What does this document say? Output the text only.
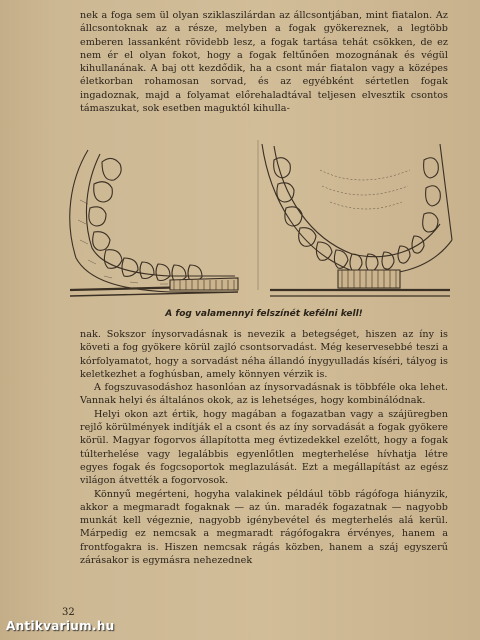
nek a foga sem ül olyan sziklaszilárdan az állcsontjában, mint fiatalon. Az állcsontoknak az a része, melyben a fogak gyökereznek, a legtöbb emberen lassanként rövidebb lesz, a fogak tartása tehát csökken, de ez nem ér el olyan fokot, hogy a fogak feltűnően mozognának és végül kihullanának. A baj ott kezdődik, ha a csont már fiatalon vagy a középes életkorban rohamosan sorvad, és az egyébként sértetlen fogak ingadoznak, majd a folyamat előrehaladtával teljesen elvesztik csontos támaszukat, sok esetben maguktól kihulla-

A fog valamennyi felszínét kefélni kell!

nak. Sokszor ínysorvadásnak is nevezik a betegséget, hiszen az íny is követi a fog gyökere körül zajló csontsorvadást. Még keservesebbé teszi a kórfolyamatot, hogy a sorvadást néha állandó ínygyulladás kíséri, tályog is keletkezhet a foghúsban, amely könnyen vérzik is.

A fogszuvasodáshoz hasonlóan az ínysorvadásnak is többféle oka lehet. Vannak helyi és általános okok, az is lehetséges, hogy kombinálódnak.

Helyi okon azt értik, hogy magában a fogazatban vagy a szájüregben rejlő körülmények indítják el a csont és az íny sorvadását a fogak gyökere körül. Magyar fogorvos állapította meg évtizedekkel ezelőtt, hogy a fogak túlterhelése vagy legalábbis egyenlőtlen megterhelése hívhatja létre egyes fogak és fogcsoportok meglazulását. Ezt a megállapítást az egész világon átvették a fogorvosok.

Könnyű megérteni, hogyha valakinek például több rágófoga hiányzik, akkor a megmaradt fogaknak — az ún. maradék fogazatnak — nagyobb munkát kell végeznie, nagyobb igénybevétel és megterhelés alá kerül. Márpedig ez nemcsak a megmaradt rágófogakra érvényes, hanem a frontfogakra is. Hiszen nemcsak rágás közben, hanem a száj egyszerű zárásakor is egymásra nehezednek

32
Antikvarium.hu
